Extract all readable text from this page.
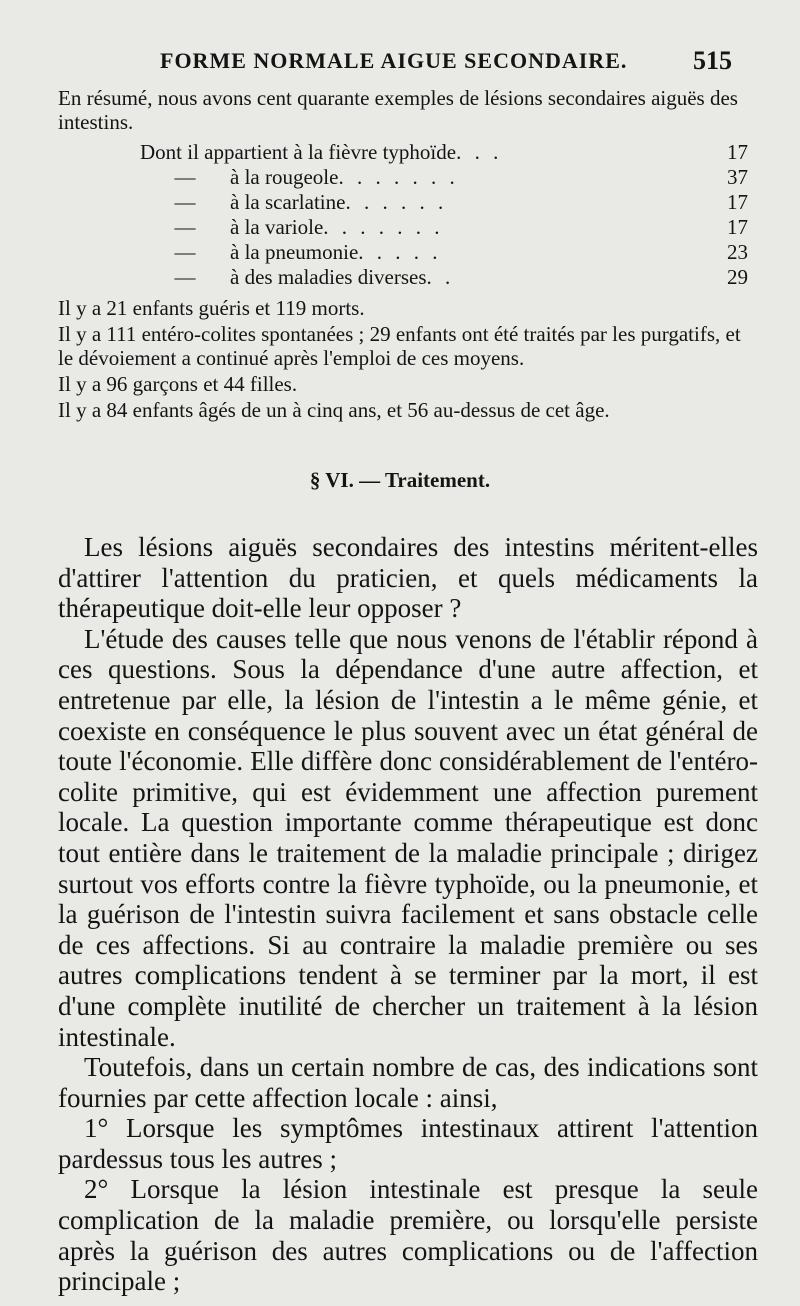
FORME NORMALE AIGUE SECONDAIRE.	515

En résumé, nous avons cent quarante exemples de lésions secondaires aiguës des intestins.

Dont il appartient à la fièvre typhoïde . . .	17
—	à la rougeole . . . . . . .	37
—	à la scarlatine . . . . . .	17
—	à la variole . . . . . . .	17
—	à la pneumonie . . . . .	23
—	à des maladies diverses . .	29

Il y a 21 enfants guéris et 119 morts.

Il y a 111 entéro-colites spontanées ; 29 enfants ont été traités par les purgatifs, et le dévoiement a continué après l'emploi de ces moyens.

Il y a 96 garçons et 44 filles.

Il y a 84 enfants âgés de un à cinq ans, et 56 au-dessus de cet âge.

§ VI. — Traitement.

Les lésions aiguës secondaires des intestins méritent-elles d'attirer l'attention du praticien, et quels médicaments la thérapeutique doit-elle leur opposer ?

L'étude des causes telle que nous venons de l'établir répond à ces questions. Sous la dépendance d'une autre affection, et entretenue par elle, la lésion de l'intestin a le même génie, et coexiste en conséquence le plus souvent avec un état général de toute l'économie. Elle diffère donc considérablement de l'entéro-colite primitive, qui est évidemment une affection purement locale. La question importante comme thérapeutique est donc tout entière dans le traitement de la maladie principale ; dirigez surtout vos efforts contre la fièvre typhoïde, ou la pneumonie, et la guérison de l'intestin suivra facilement et sans obstacle celle de ces affections. Si au contraire la maladie première ou ses autres complications tendent à se terminer par la mort, il est d'une complète inutilité de chercher un traitement à la lésion intestinale.

Toutefois, dans un certain nombre de cas, des indications sont fournies par cette affection locale : ainsi,

1° Lorsque les symptômes intestinaux attirent l'attention pardessus tous les autres ;

2° Lorsque la lésion intestinale est presque la seule complication de la maladie première, ou lorsqu'elle persiste après la guérison des autres complications ou de l'affection principale ;
